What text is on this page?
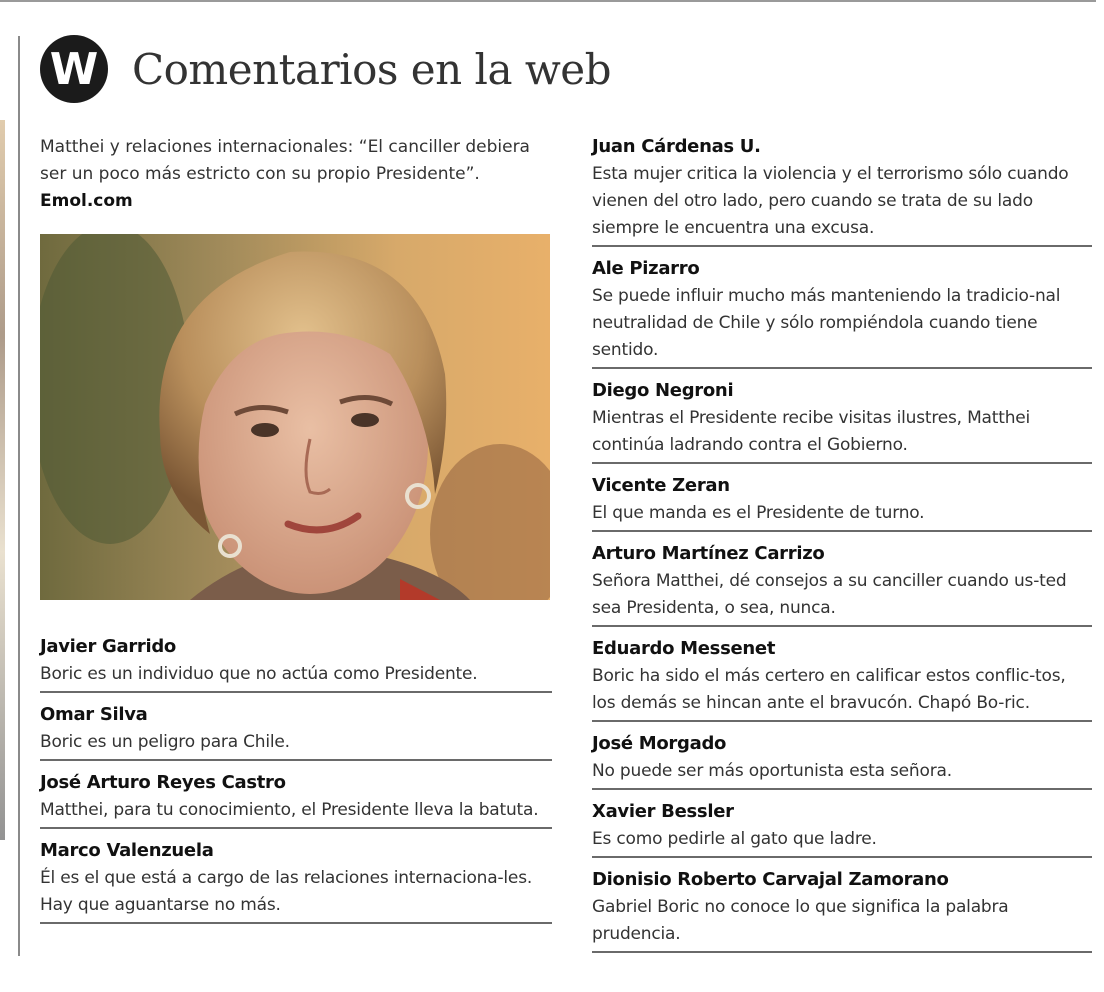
W Comentarios en la web
Matthei y relaciones internacionales: “El canciller debiera ser un poco más estricto con su propio Presidente”. Emol.com
Javier Garrido
Boric es un individuo que no actúa como Presidente.
Omar Silva
Boric es un peligro para Chile.
José Arturo Reyes Castro
Matthei, para tu conocimiento, el Presidente lleva la batuta.
Marco Valenzuela
Él es el que está a cargo de las relaciones internaciona-les. Hay que aguantarse no más.
Juan Cárdenas U.
Esta mujer critica la violencia y el terrorismo sólo cuando vienen del otro lado, pero cuando se trata de su lado siempre le encuentra una excusa.
Ale Pizarro
Se puede influir mucho más manteniendo la tradicio-nal neutralidad de Chile y sólo rompiéndola cuando tiene sentido.
Diego Negroni
Mientras el Presidente recibe visitas ilustres, Matthei continúa ladrando contra el Gobierno.
Vicente Zeran
El que manda es el Presidente de turno.
Arturo Martínez Carrizo
Señora Matthei, dé consejos a su canciller cuando us-ted sea Presidenta, o sea, nunca.
Eduardo Messenet
Boric ha sido el más certero en calificar estos conflic-tos, los demás se hincan ante el bravucón. Chapó Bo-ric.
José Morgado
No puede ser más oportunista esta señora.
Xavier Bessler
Es como pedirle al gato que ladre.
Dionisio Roberto Carvajal Zamorano
Gabriel Boric no conoce lo que significa la palabra prudencia.
